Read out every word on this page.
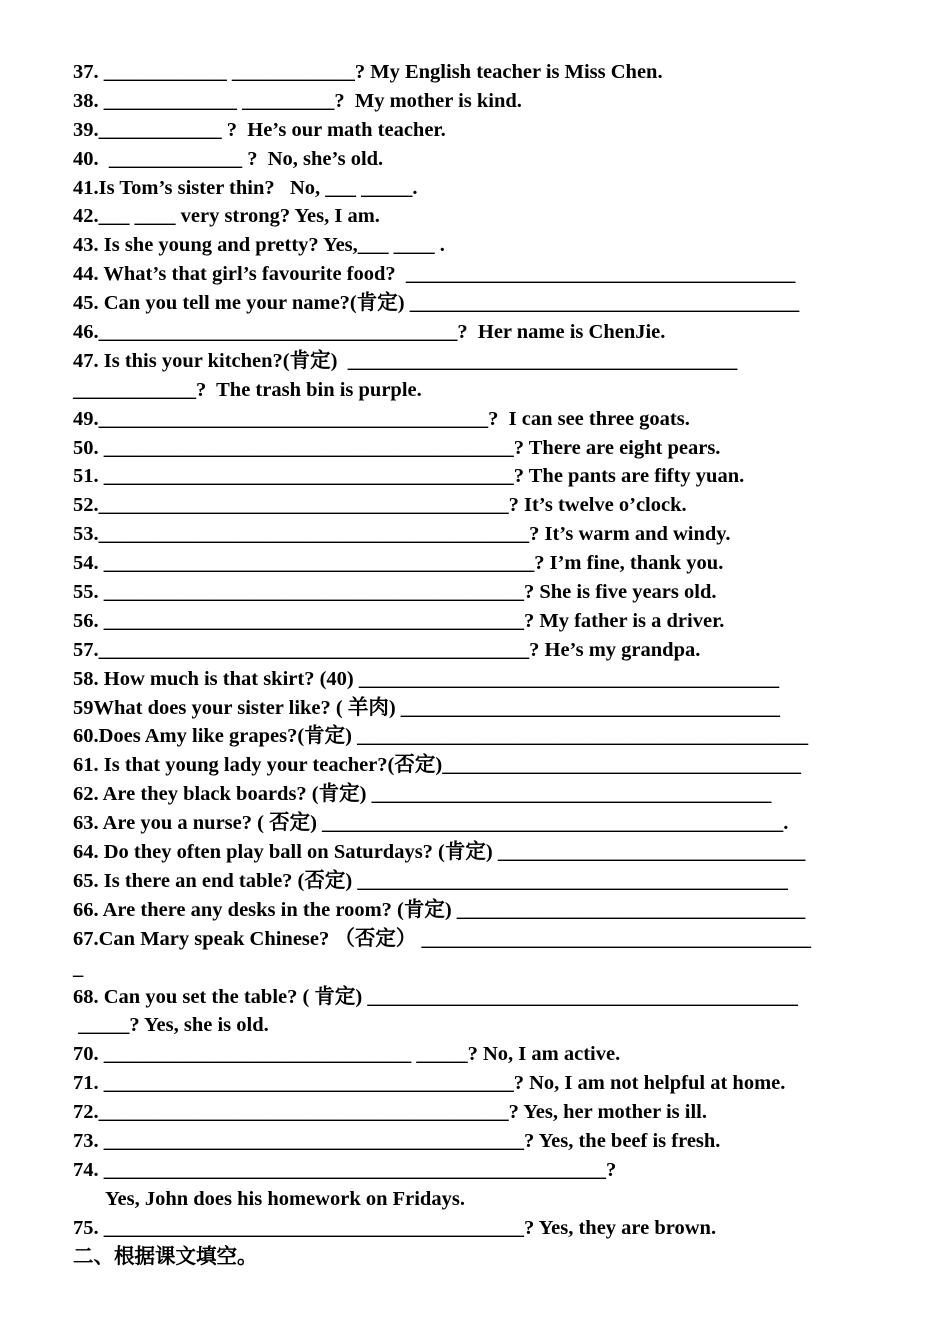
37. ____________ ____________? My English teacher is Miss Chen.
38. _____________ _________?  My mother is kind.
39.____________ ?  He’s our math teacher.
40.  _____________ ?  No, she’s old.
41.Is Tom’s sister thin?   No, ___ _____.
42.___ ____ very strong? Yes, I am.
43. Is she young and pretty? Yes,___ ____ .
44. What’s that girl’s favourite food?  ______________________________________
45. Can you tell me your name?(肯定) ______________________________________
46.___________________________________?  Her name is ChenJie.
47. Is this your kitchen?(肯定)  ______________________________________
____________?  The trash bin is purple.
49.______________________________________?  I can see three goats.
50. ________________________________________? There are eight pears.
51. ________________________________________? The pants are fifty yuan.
52.________________________________________? It’s twelve o’clock.
53.__________________________________________? It’s warm and windy.
54. __________________________________________? I’m fine, thank you.
55. _________________________________________? She is five years old.
56. _________________________________________? My father is a driver.
57.__________________________________________? He’s my grandpa.
58. How much is that skirt? (40) _________________________________________
59What does your sister like? ( 羊肉) _____________________________________
60.Does Amy like grapes?(肯定) ____________________________________________
61. Is that young lady your teacher?(否定)___________________________________
62. Are they black boards? (肯定) _______________________________________
63. Are you a nurse? ( 否定) _____________________________________________.
64. Do they often play ball on Saturdays? (肯定) ______________________________
65. Is there an end table? (否定) __________________________________________
66. Are there any desks in the room? (肯定) __________________________________
67.Can Mary speak Chinese? （否定） ______________________________________
_
68. Can you set the table? ( 肯定) __________________________________________
_____? Yes, she is old.
70. ______________________________ _____? No, I am active.
71. ________________________________________? No, I am not helpful at home.
72.________________________________________? Yes, her mother is ill.
73. _________________________________________? Yes, the beef is fresh.
74. _________________________________________________?
Yes, John does his homework on Fridays.
75. _________________________________________? Yes, they are brown.
二、根据课文填空。
